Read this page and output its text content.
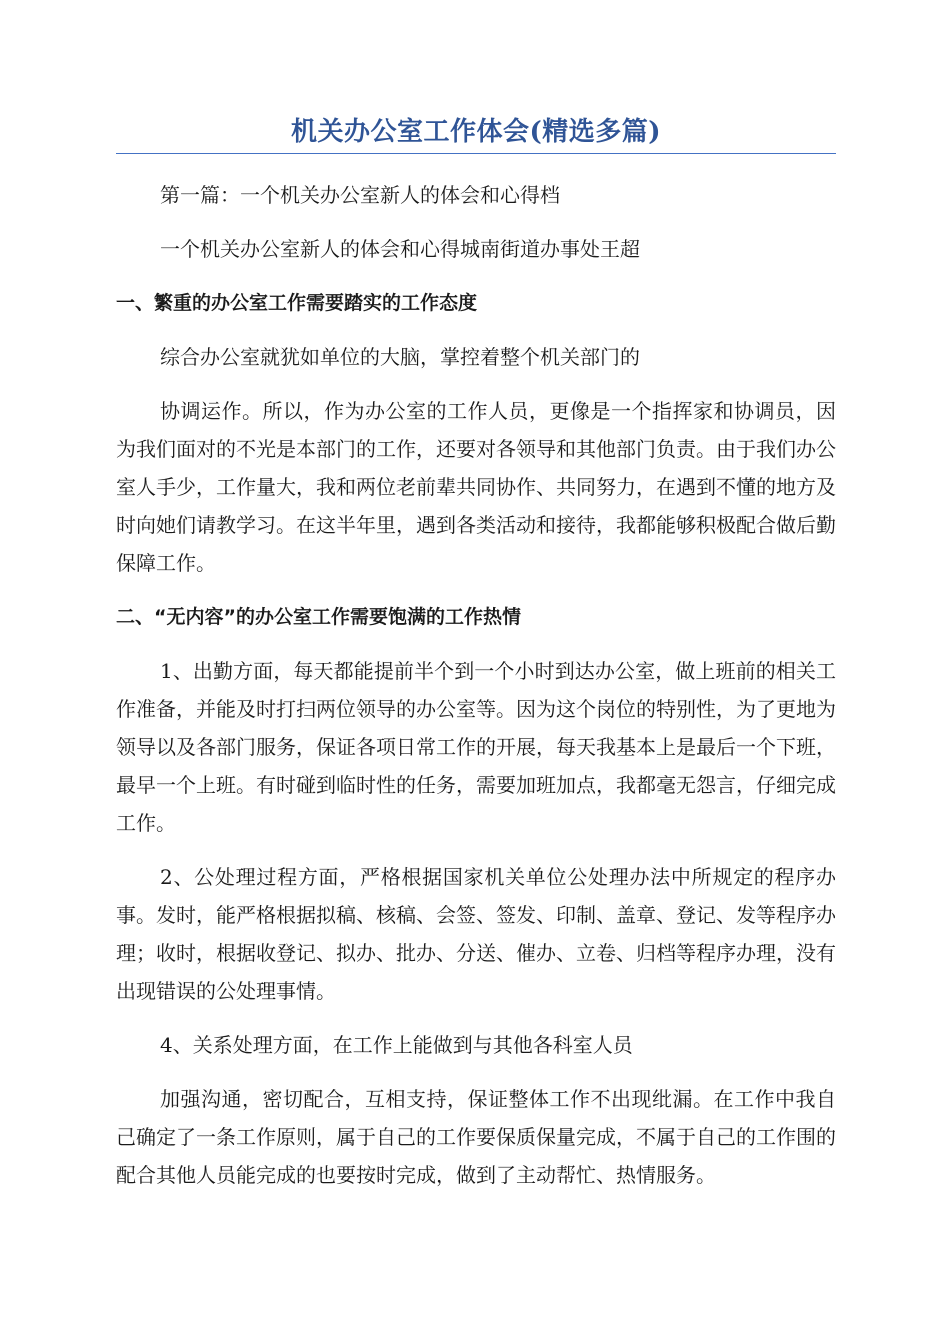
机关办公室工作体会(精选多篇)

第一篇：一个机关办公室新人的体会和心得档

一个机关办公室新人的体会和心得城南街道办事处王超

一、繁重的办公室工作需要踏实的工作态度

综合办公室就犹如单位的大脑，掌控着整个机关部门的

协调运作。所以，作为办公室的工作人员，更像是一个指挥家和协调员，因为我们面对的不光是本部门的工作，还要对各领导和其他部门负责。由于我们办公室人手少，工作量大，我和两位老前辈共同协作、共同努力，在遇到不懂的地方及时向她们请教学习。在这半年里，遇到各类活动和接待，我都能够积极配合做后勤保障工作。

二、“无内容”的办公室工作需要饱满的工作热情

1、出勤方面，每天都能提前半个到一个小时到达办公室，做上班前的相关工作准备，并能及时打扫两位领导的办公室等。因为这个岗位的特别性，为了更地为领导以及各部门服务，保证各项日常工作的开展，每天我基本上是最后一个下班，最早一个上班。有时碰到临时性的任务，需要加班加点，我都毫无怨言，仔细完成工作。

2、公处理过程方面，严格根据国家机关单位公处理办法中所规定的程序办事。发时，能严格根据拟稿、核稿、会签、签发、印制、盖章、登记、发等程序办理；收时，根据收登记、拟办、批办、分送、催办、立卷、归档等程序办理，没有出现错误的公处理事情。

4、关系处理方面，在工作上能做到与其他各科室人员

加强沟通，密切配合，互相支持，保证整体工作不出现纰漏。在工作中我自己确定了一条工作原则，属于自己的工作要保质保量完成，不属于自己的工作围的配合其他人员能完成的也要按时完成，做到了主动帮忙、热情服务。
